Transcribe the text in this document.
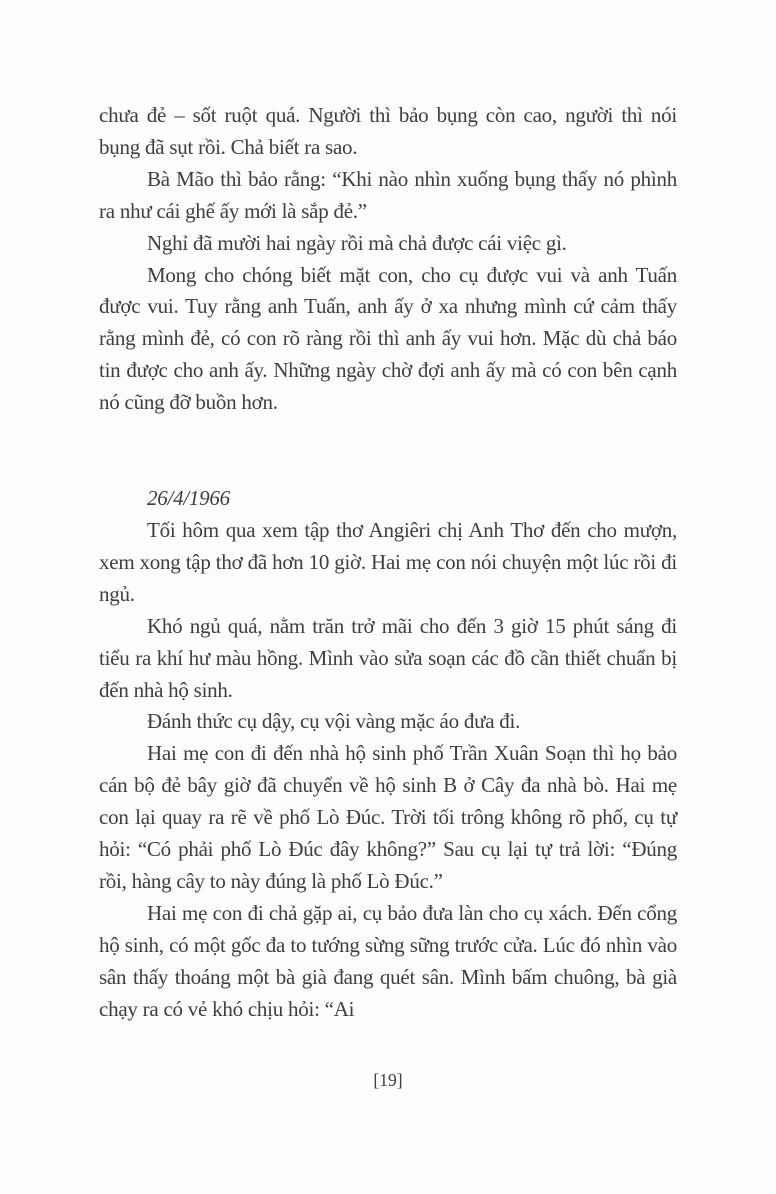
chưa đẻ – sốt ruột quá. Người thì bảo bụng còn cao, người thì nói bụng đã sụt rồi. Chả biết ra sao.

Bà Mão thì bảo rằng: “Khi nào nhìn xuống bụng thấy nó phình ra như cái ghế ấy mới là sắp đẻ.”

Nghỉ đã mười hai ngày rồi mà chả được cái việc gì.

Mong cho chóng biết mặt con, cho cụ được vui và anh Tuấn được vui. Tuy rằng anh Tuấn, anh ấy ở xa nhưng mình cứ cảm thấy rằng mình đẻ, có con rõ ràng rồi thì anh ấy vui hơn. Mặc dù chả báo tin được cho anh ấy. Những ngày chờ đợi anh ấy mà có con bên cạnh nó cũng đỡ buồn hơn.

26/4/1966

Tối hôm qua xem tập thơ Angiêri chị Anh Thơ đến cho mượn, xem xong tập thơ đã hơn 10 giờ. Hai mẹ con nói chuyện một lúc rồi đi ngủ.

Khó ngủ quá, nằm trăn trở mãi cho đến 3 giờ 15 phút sáng đi tiểu ra khí hư màu hồng. Mình vào sửa soạn các đồ cần thiết chuẩn bị đến nhà hộ sinh.

Đánh thức cụ dậy, cụ vội vàng mặc áo đưa đi.

Hai mẹ con đi đến nhà hộ sinh phố Trần Xuân Soạn thì họ bảo cán bộ đẻ bây giờ đã chuyển về hộ sinh B ở Cây đa nhà bò. Hai mẹ con lại quay ra rẽ về phố Lò Đúc. Trời tối trông không rõ phố, cụ tự hỏi: “Có phải phố Lò Đúc đây không?” Sau cụ lại tự trả lời: “Đúng rồi, hàng cây to này đúng là phố Lò Đúc.”

Hai mẹ con đi chả gặp ai, cụ bảo đưa làn cho cụ xách. Đến cổng hộ sinh, có một gốc đa to tướng sừng sững trước cửa. Lúc đó nhìn vào sân thấy thoáng một bà già đang quét sân. Mình bấm chuông, bà già chạy ra có vẻ khó chịu hỏi: “Ai

[19]
